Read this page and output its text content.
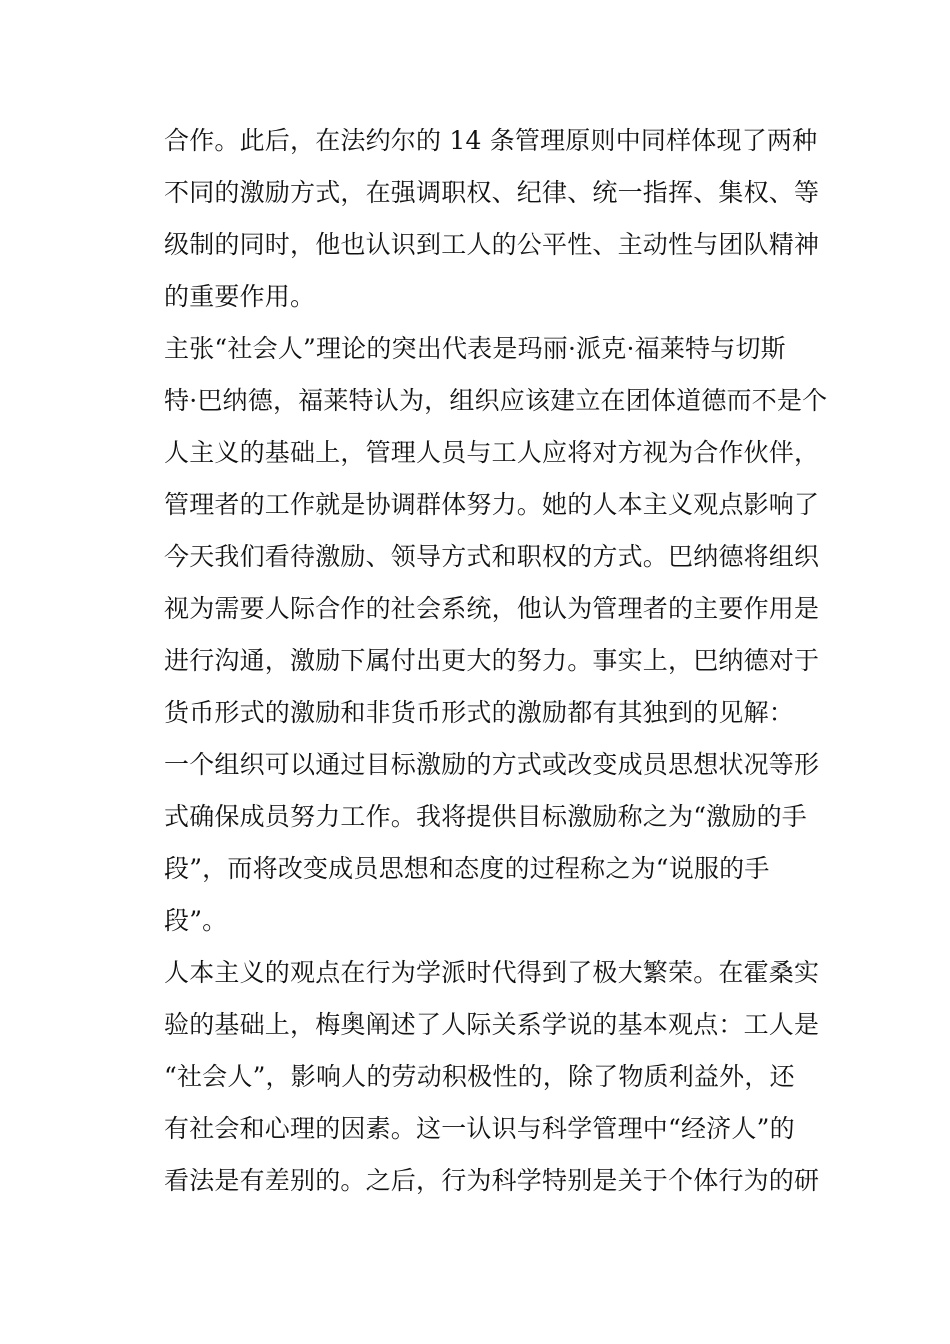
合作。此后，在法约尔的 14 条管理原则中同样体现了两种
不同的激励方式，在强调职权、纪律、统一指挥、集权、等
级制的同时，他也认识到工人的公平性、主动性与团队精神
的重要作用。
主张“社会人”理论的突出代表是玛丽·派克·福莱特与切斯
特·巴纳德，福莱特认为，组织应该建立在团体道德而不是个
人主义的基础上，管理人员与工人应将对方视为合作伙伴，
管理者的工作就是协调群体努力。她的人本主义观点影响了
今天我们看待激励、领导方式和职权的方式。巴纳德将组织
视为需要人际合作的社会系统，他认为管理者的主要作用是
进行沟通，激励下属付出更大的努力。事实上，巴纳德对于
货币形式的激励和非货币形式的激励都有其独到的见解：
一个组织可以通过目标激励的方式或改变成员思想状况等形
式确保成员努力工作。我将提供目标激励称之为“激励的手
段”，而将改变成员思想和态度的过程称之为“说服的手
段”。
人本主义的观点在行为学派时代得到了极大繁荣。在霍桑实
验的基础上，梅奥阐述了人际关系学说的基本观点：工人是
“社会人”，影响人的劳动积极性的，除了物质利益外，还
有社会和心理的因素。这一认识与科学管理中“经济人”的
看法是有差别的。之后，行为科学特别是关于个体行为的研
